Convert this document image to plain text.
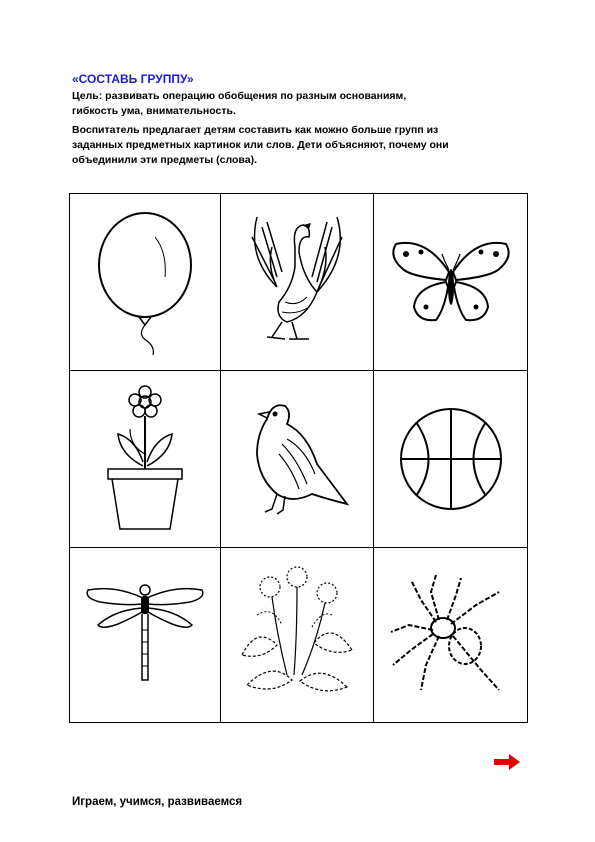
«СОСТАВЬ ГРУППУ»
Цель: развивать операцию обобщения по разным основаниям,
гибкость ума, внимательность.
Воспитатель предлагает детям составить как можно больше групп из
заданных предметных картинок или слов. Дети объясняют, почему они
объединили эти предметы (слова).
Играем, учимся, развиваемся
